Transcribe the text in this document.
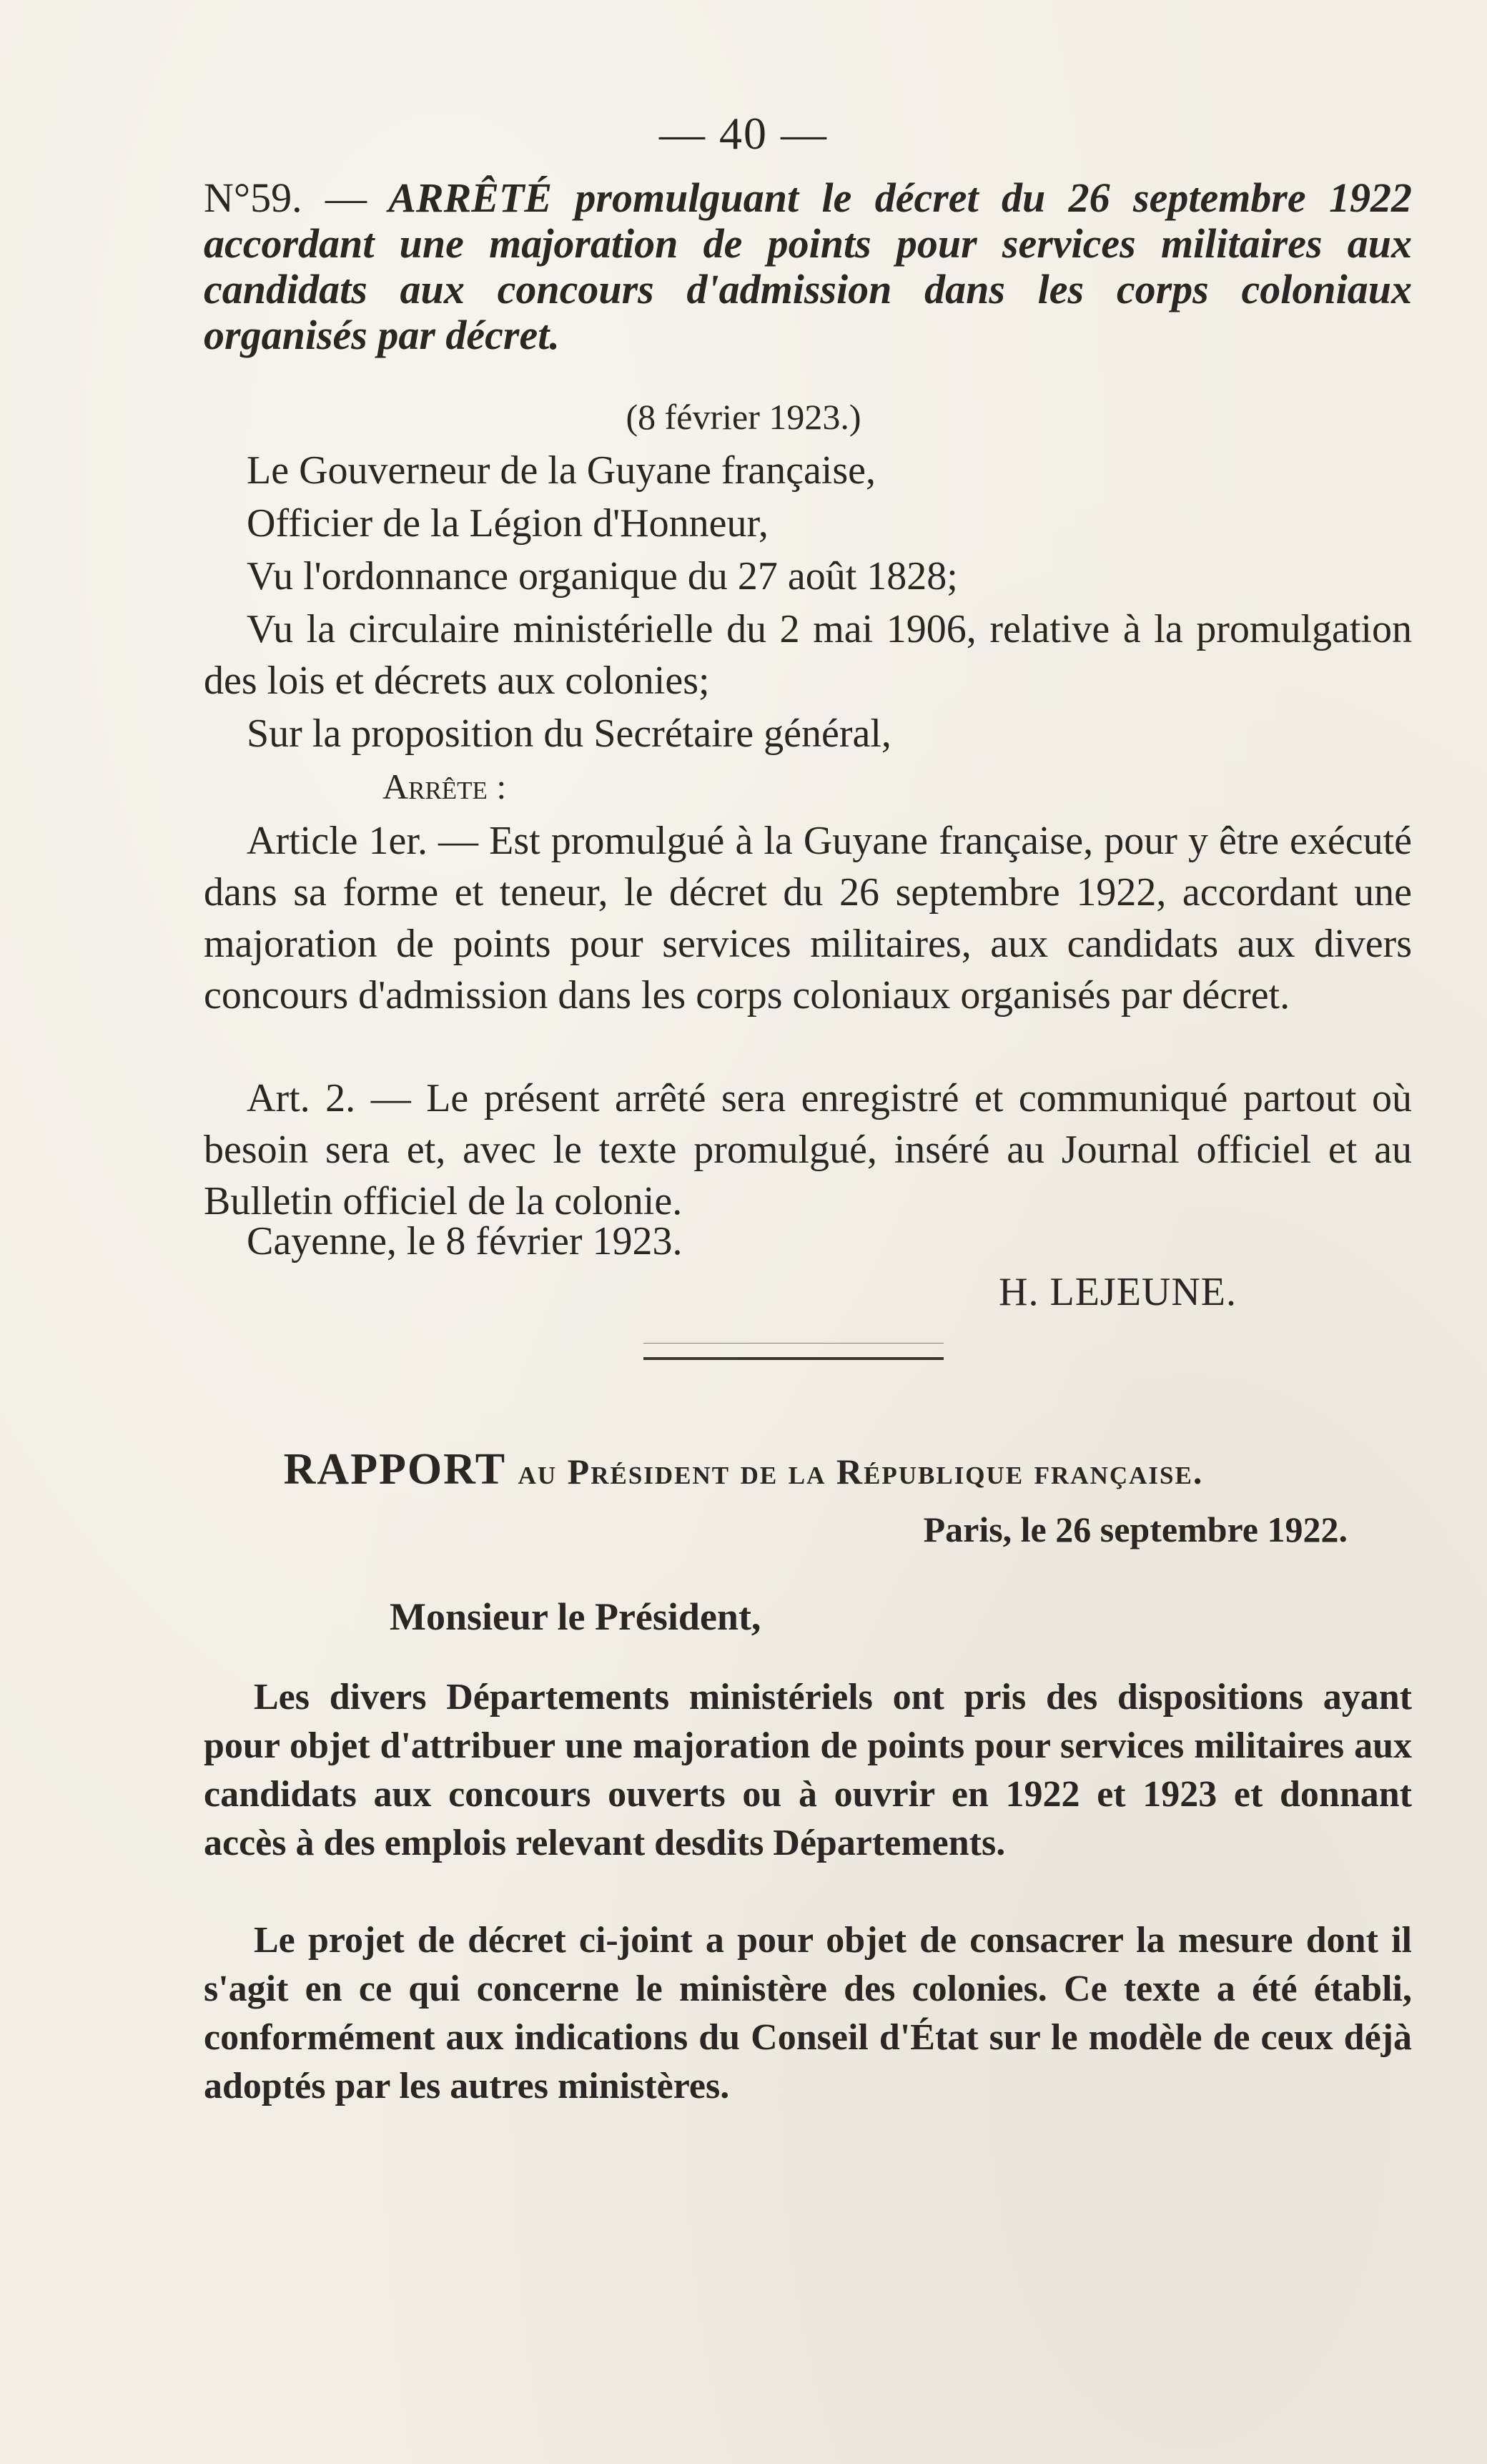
— 40 —
N°59. — ARRÊTÉ promulguant le décret du 26 septembre 1922 accordant une majoration de points pour services militaires aux candidats aux concours d'admission dans les corps coloniaux organisés par décret.
(8 février 1923.)
Le Gouverneur de la Guyane française,
Officier de la Légion d'Honneur,
Vu l'ordonnance organique du 27 août 1828;
Vu la circulaire ministérielle du 2 mai 1906, relative à la promulgation des lois et décrets aux colonies;
Sur la proposition du Secrétaire général,
Arrête :
Article 1er. — Est promulgué à la Guyane française, pour y être exécuté dans sa forme et teneur, le décret du 26 septembre 1922, accordant une majoration de points pour services militaires, aux candidats aux divers concours d'admission dans les corps coloniaux organisés par décret.
Art. 2. — Le présent arrêté sera enregistré et communiqué partout où besoin sera et, avec le texte promulgué, inséré au Journal officiel et au Bulletin officiel de la colonie.
Cayenne, le 8 février 1923.
H. LEJEUNE.
RAPPORT au Président de la République française.
Paris, le 26 septembre 1922.
Monsieur le Président,
Les divers Départements ministériels ont pris des dispositions ayant pour objet d'attribuer une majoration de points pour services militaires aux candidats aux concours ouverts ou à ouvrir en 1922 et 1923 et donnant accès à des emplois relevant desdits Départements.
Le projet de décret ci-joint a pour objet de consacrer la mesure dont il s'agit en ce qui concerne le ministère des colonies. Ce texte a été établi, conformément aux indications du Conseil d'État sur le modèle de ceux déjà adoptés par les autres ministères.
